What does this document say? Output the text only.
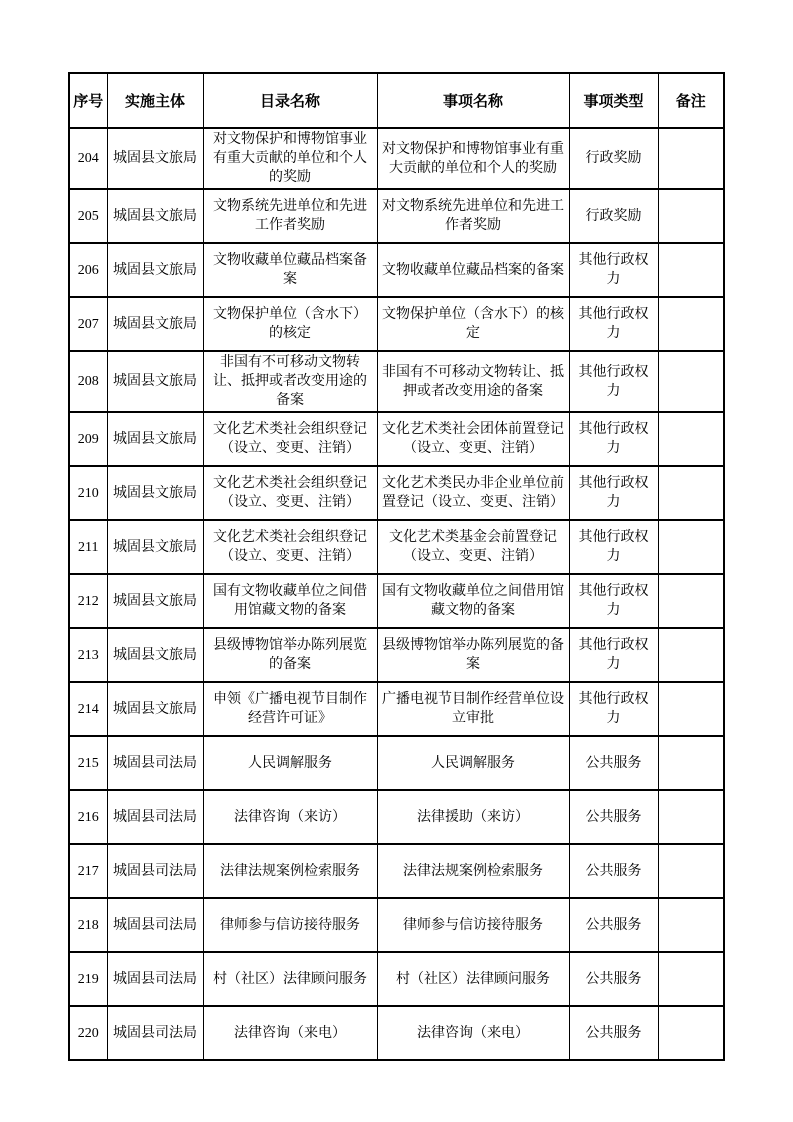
序号	实施主体	目录名称	事项名称	事项类型	备注
204	城固县文旅局	对文物保护和博物馆事业有重大贡献的单位和个人的奖励	对文物保护和博物馆事业有重大贡献的单位和个人的奖励	行政奖励	
205	城固县文旅局	文物系统先进单位和先进工作者奖励	对文物系统先进单位和先进工作者奖励	行政奖励	
206	城固县文旅局	文物收藏单位藏品档案备案	文物收藏单位藏品档案的备案	其他行政权力	
207	城固县文旅局	文物保护单位（含水下）的核定	文物保护单位（含水下）的核定	其他行政权力	
208	城固县文旅局	非国有不可移动文物转让、抵押或者改变用途的备案	非国有不可移动文物转让、抵押或者改变用途的备案	其他行政权力	
209	城固县文旅局	文化艺术类社会组织登记（设立、变更、注销）	文化艺术类社会团体前置登记（设立、变更、注销）	其他行政权力	
210	城固县文旅局	文化艺术类社会组织登记（设立、变更、注销）	文化艺术类民办非企业单位前置登记（设立、变更、注销）	其他行政权力	
211	城固县文旅局	文化艺术类社会组织登记（设立、变更、注销）	文化艺术类基金会前置登记（设立、变更、注销）	其他行政权力	
212	城固县文旅局	国有文物收藏单位之间借用馆藏文物的备案	国有文物收藏单位之间借用馆藏文物的备案	其他行政权力	
213	城固县文旅局	县级博物馆举办陈列展览的备案	县级博物馆举办陈列展览的备案	其他行政权力	
214	城固县文旅局	申领《广播电视节目制作经营许可证》	广播电视节目制作经营单位设立审批	其他行政权力	
215	城固县司法局	人民调解服务	人民调解服务	公共服务	
216	城固县司法局	法律咨询（来访）	法律援助（来访）	公共服务	
217	城固县司法局	法律法规案例检索服务	法律法规案例检索服务	公共服务	
218	城固县司法局	律师参与信访接待服务	律师参与信访接待服务	公共服务	
219	城固县司法局	村（社区）法律顾问服务	村（社区）法律顾问服务	公共服务	
220	城固县司法局	法律咨询（来电）	法律咨询（来电）	公共服务	
